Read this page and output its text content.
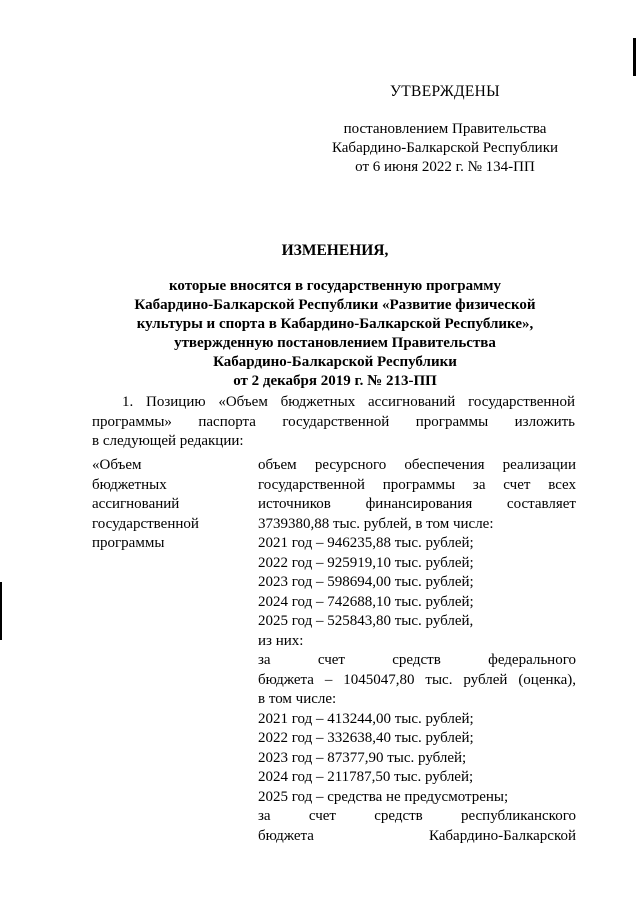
УТВЕРЖДЕНЫ
постановлением Правительства
Кабардино-Балкарской Республики
от 6 июня 2022 г. № 134-ПП
ИЗМЕНЕНИЯ,
которые вносятся в государственную программу
Кабардино-Балкарской Республики «Развитие физической
культуры и спорта в Кабардино-Балкарской Республике»,
утвержденную постановлением Правительства
Кабардино-Балкарской Республики
от 2 декабря 2019 г. № 213-ПП

1. Позицию «Объем бюджетных ассигнований государственной

программы» паспорта государственной программы изложить

в следующей редакции:

«Объем
бюджетных
ассигнований
государственной
программы
объем ресурсного обеспечения реализации
государственной программы за счет всех
источников финансирования составляет
3739380,88 тыс. рублей, в том числе:
2021 год – 946235,88 тыс. рублей;
2022 год – 925919,10 тыс. рублей;
2023 год – 598694,00 тыс. рублей;
2024 год – 742688,10 тыс. рублей;
2025 год – 525843,80 тыс. рублей,
из них:
за счет средств федерального
бюджета – 1045047,80 тыс. рублей (оценка),
в том числе:
2021 год – 413244,00 тыс. рублей;
2022 год – 332638,40 тыс. рублей;
2023 год – 87377,90 тыс. рублей;
2024 год – 211787,50 тыс. рублей;
2025 год – средства не предусмотрены;
за счет средств республиканского
бюджета Кабардино-Балкарской
